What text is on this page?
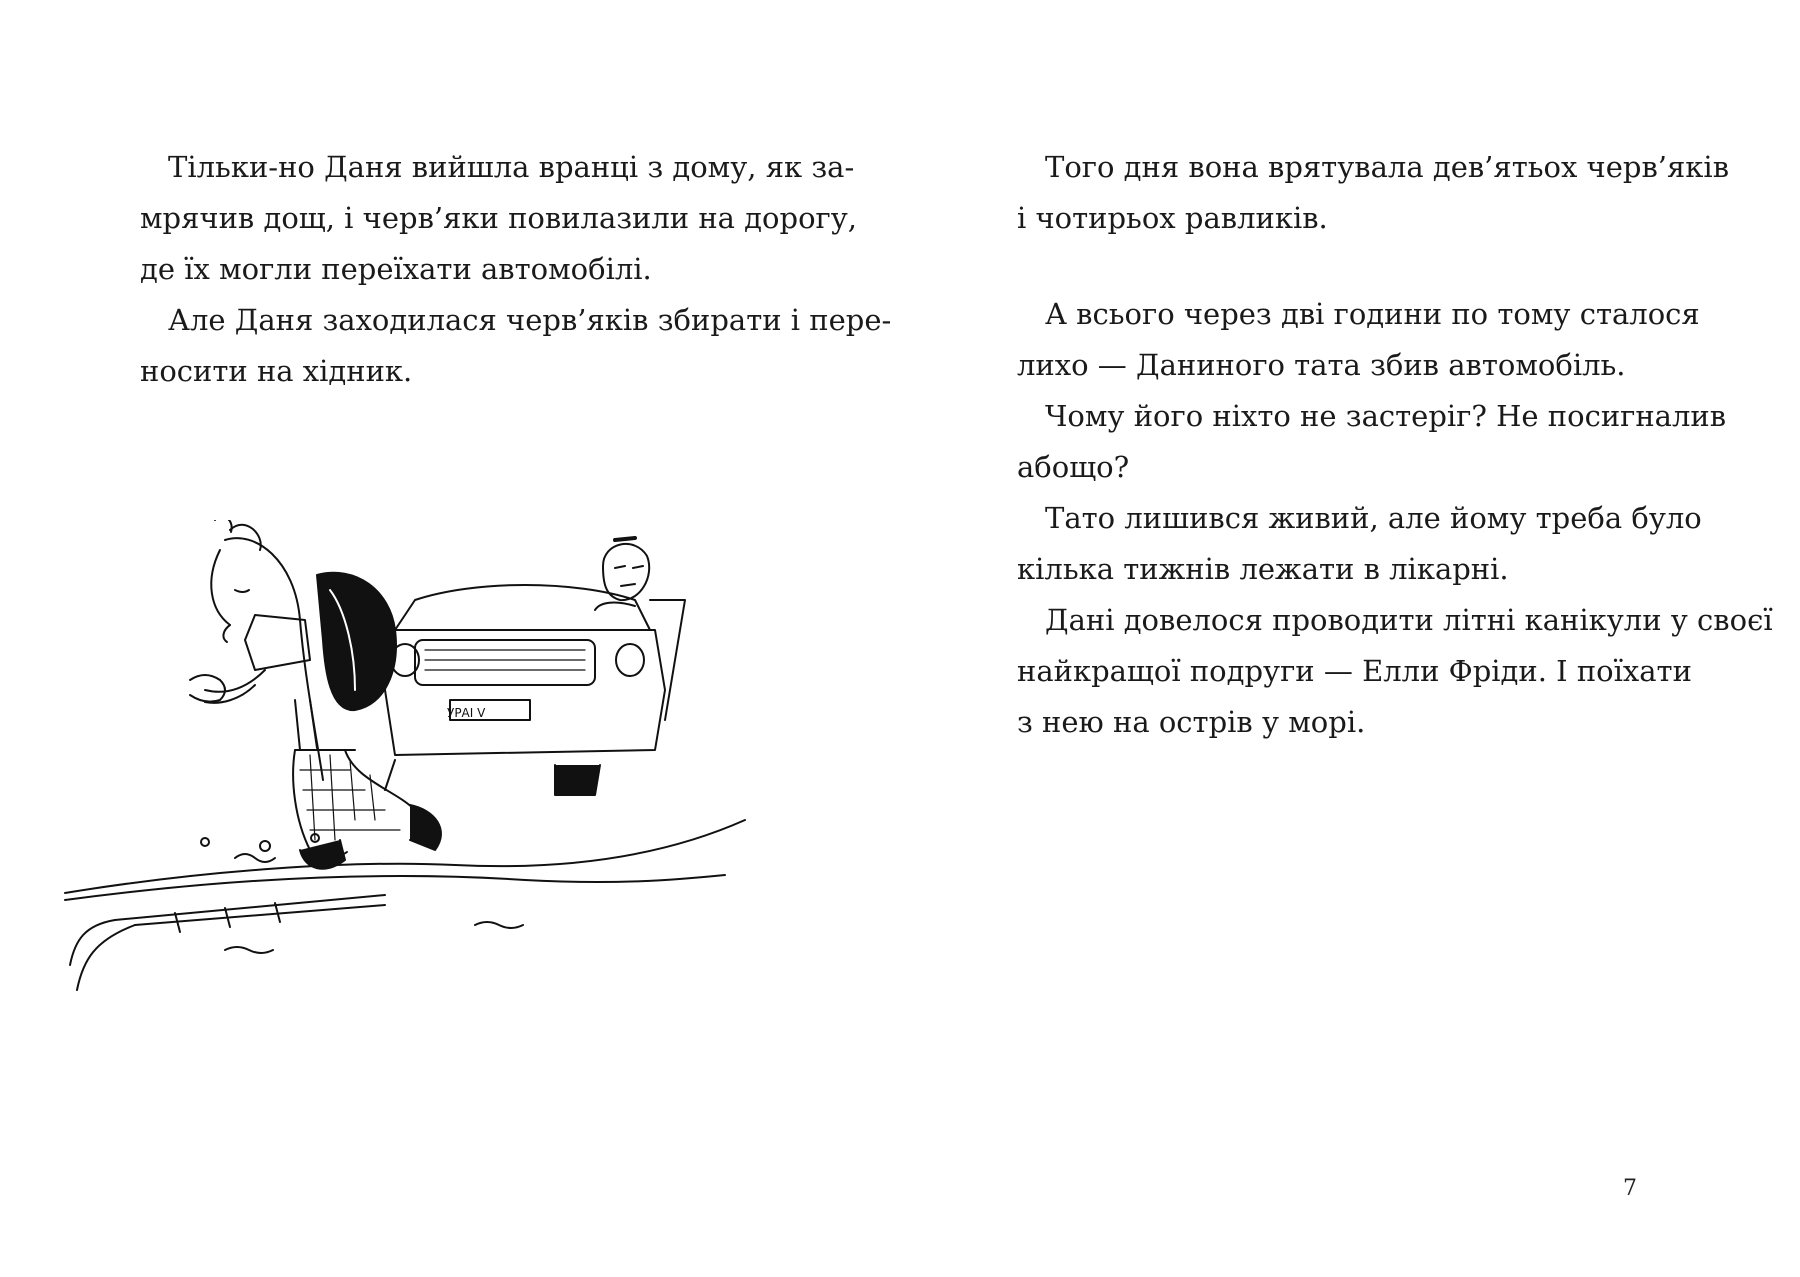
Тільки-но Даня вийшла вранці з дому, як за-
мрячив дощ, і черв’яки повилазили на дорогу,
де їх могли переїхати автомобілі.

Але Даня заходилася черв’яків збирати і пере-
носити на хідник.

УРАІ V

Того дня вона врятувала дев’ятьох черв’яків
і чотирьох равликів.

А всього через дві години по тому сталося
лихо — Даниного тата збив автомобіль.

Чому його ніхто не застеріг? Не посигналив
абощо?

Тато лишився живий, але йому треба було
кілька тижнів лежати в лікарні.

Дані довелося проводити літні канікули у своєї
найкращої подруги — Елли Фріди. І поїхати
з нею на острів у морі.

7
